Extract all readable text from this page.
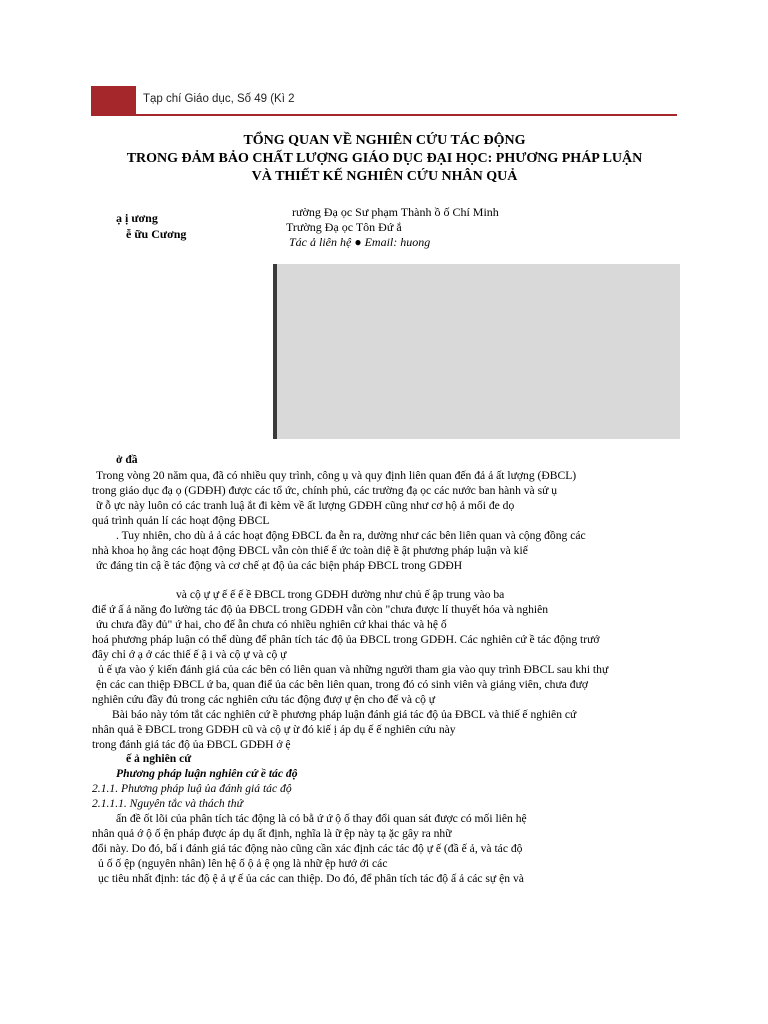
Tạp chí Giáo dục, Số 49 (Kì 2
TỔNG QUAN VỀ NGHIÊN CỨU TÁC ĐỘNG
TRONG ĐẢM BẢO CHẤT LƯỢNG GIÁO DỤC ĐẠI HỌC: PHƯƠNG PHÁP LUẬN
VÀ THIẾT KẾ NGHIÊN CỨU NHÂN QUẢ
ạ ị ương
ễ ữu Cương
rường Đạ ọc Sư phạm Thành ồ ố Chí Minh
Trường Đạ ọc Tôn Đứ ắ
Tác ả liên hệ ● Email: huong
ở đầ
Trong vòng 20 năm qua, đã có nhiều quy trình, công ụ và quy định liên quan đến đả ả ất lượng (ĐBCL)
trong giáo dục đạ ọ (GDĐH) được các tổ ức, chính phủ, các trường đạ ọc các nước ban hành và sử ụ
ữ ỗ ực này luôn có các tranh luậ ắt đi kèm về ất lượng GDĐH cũng như cơ hộ ả mối đe dọ
quá trình quản lí các hoạt động ĐBCL
. Tuy nhiên, cho dù ả ả các hoạt động ĐBCL đa ễn ra, dường như các bên liên quan và cộng đồng các
nhà khoa họ ằng các hoạt động ĐBCL vẫn còn thiế ế ức toàn diệ ề ật phương pháp luận và kiế
ức đáng tin cậ ề tác động và cơ chế ạt độ ủa các biện pháp ĐBCL trong GDĐH
và cộ ự ự ế ế ế ề ĐBCL trong GDĐH dường như chủ ế ập trung vào ba
điể ứ ấ ả năng đo lường tác độ ủa ĐBCL trong GDĐH vẫn còn "chưa được lí thuyết hóa và nghiên
ứu chưa đầy đủ" ứ hai, cho đế ẫn chưa có nhiều nghiên cứ khai thác và hệ ố
hoá phương pháp luận có thể dùng để phân tích tác độ ủa ĐBCL trong GDĐH. Các nghiên cứ ề tác động trướ
đây chỉ ớ ạ ở các thiế ế ậ i và cộ ự và cộ ự
ủ ế ựa vào ý kiến đánh giá của các bên có liên quan và những người tham gia vào quy trình ĐBCL sau khi thự
ện các can thiệp ĐBCL ứ ba, quan điể ủa các bên liên quan, trong đó có sinh viên và giảng viên, chưa đượ
nghiên cứu đầy đủ trong các nghiên cứu tác động đượ ự ện cho đế và cộ ự
Bài báo này tóm tắt các nghiên cứ ề phương pháp luận đánh giá tác độ ủa ĐBCL và thiế ế nghiên cứ
nhân quả ề ĐBCL trong GDĐH cũ và cộ ự ừ đó kiế ị áp dụ ế ế nghiên cứu này
trong đánh giá tác độ ủa ĐBCL GDĐH ở ệ
ế ả nghiên cứ
Phương pháp luận nghiên cứ ề tác độ
2.1.1. Phương pháp luậ ủa đánh giá tác độ
2.1.1.1. Nguyên tắc và thách thứ
ấn đề ốt lõi của phân tích tác động là có bằ ứ ứ ộ ố thay đổi quan sát được có mối liên hệ
nhân quả ớ ộ ố ện pháp được áp dụ ất định, nghĩa là ữ ệp này tạ ặc gây ra nhữ
đổi này. Do đó, bấ i đánh giá tác động nào cũng cần xác định các tác độ ự ế (đầ ế ả, và tác độ
ủ ố ố ệp (nguyên nhân) lên hệ ố ộ ả ệ ọng là nhữ ệp hướ ới các
ục tiêu nhất định: tác độ ệ ả ự ế ủa các can thiệp. Do đó, để phân tích tác độ ấ ả các sự ện và
